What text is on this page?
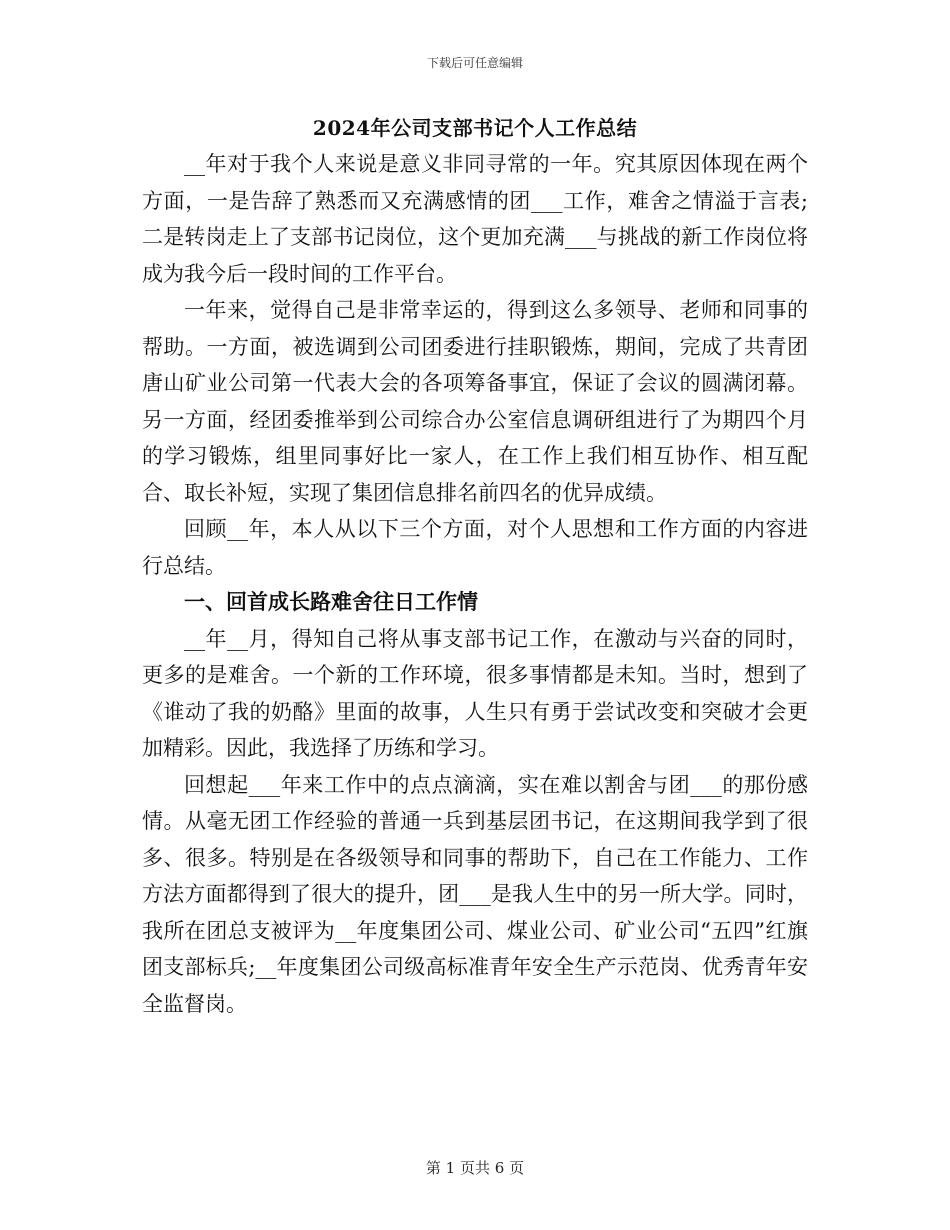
下载后可任意编辑
2024年公司支部书记个人工作总结

__年对于我个人来说是意义非同寻常的一年。究其原因体现在两个方面，一是告辞了熟悉而又充满感情的团___工作，难舍之情溢于言表;二是转岗走上了支部书记岗位，这个更加充满___与挑战的新工作岗位将成为我今后一段时间的工作平台。

一年来，觉得自己是非常幸运的，得到这么多领导、老师和同事的帮助。一方面，被选调到公司团委进行挂职锻炼，期间，完成了共青团唐山矿业公司第一代表大会的各项筹备事宜，保证了会议的圆满闭幕。另一方面，经团委推举到公司综合办公室信息调研组进行了为期四个月的学习锻炼，组里同事好比一家人，在工作上我们相互协作、相互配合、取长补短，实现了集团信息排名前四名的优异成绩。

回顾__年，本人从以下三个方面，对个人思想和工作方面的内容进行总结。

一、回首成长路难舍往日工作情

__年__月，得知自己将从事支部书记工作，在激动与兴奋的同时，更多的是难舍。一个新的工作环境，很多事情都是未知。当时，想到了《谁动了我的奶酪》里面的故事，人生只有勇于尝试改变和突破才会更加精彩。因此，我选择了历练和学习。

回想起___年来工作中的点点滴滴，实在难以割舍与团___的那份感情。从毫无团工作经验的普通一兵到基层团书记，在这期间我学到了很多、很多。特别是在各级领导和同事的帮助下，自己在工作能力、工作方法方面都得到了很大的提升，团___是我人生中的另一所大学。同时，我所在团总支被评为__年度集团公司、煤业公司、矿业公司“五四”红旗团支部标兵;__年度集团公司级高标准青年安全生产示范岗、优秀青年安全监督岗。

第 1 页共 6 页
